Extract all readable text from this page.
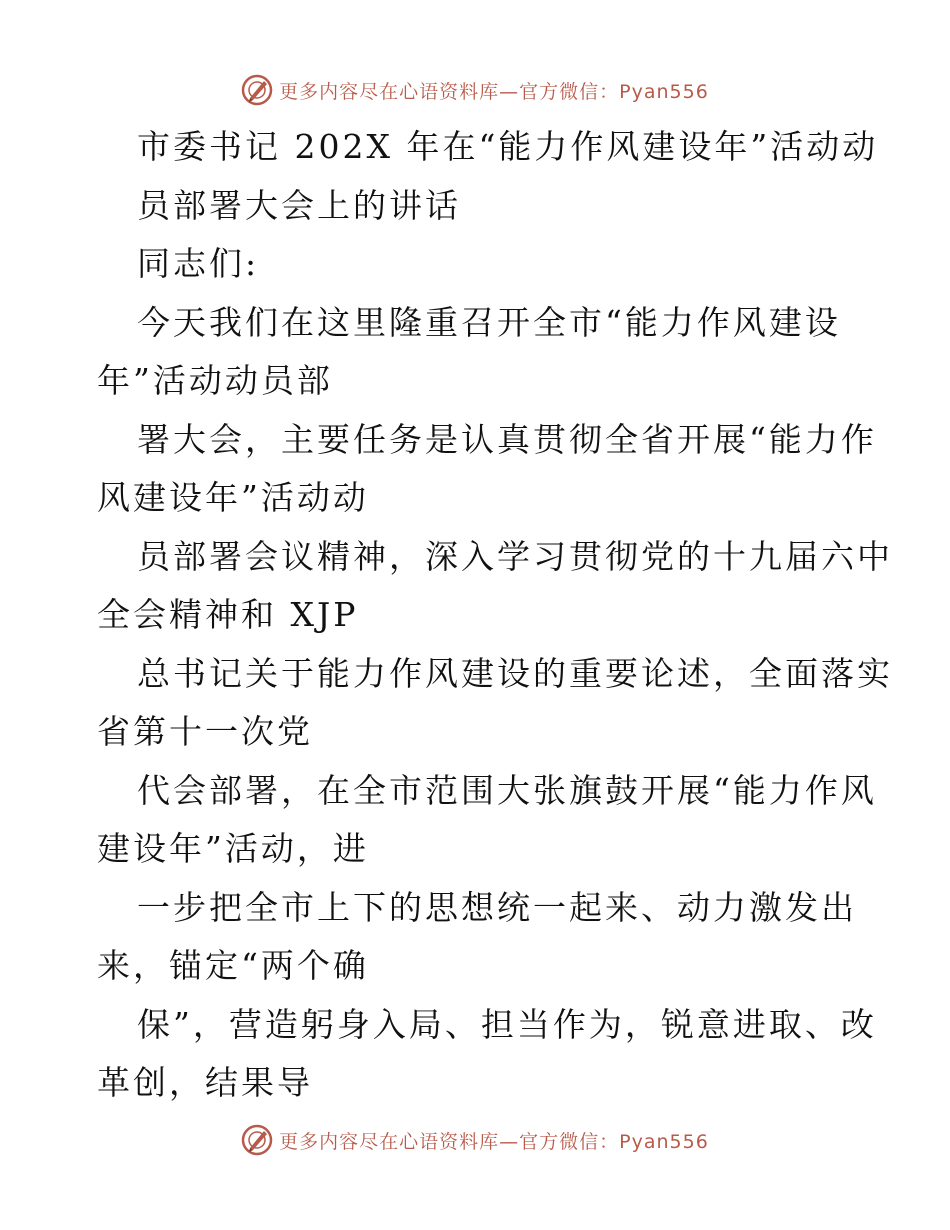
更多内容尽在心语资料库—官方微信：Pyan556
市委书记 202X 年在“能力作风建设年”活动动
员部署大会上的讲话
同志们:
今天我们在这里隆重召开全市“能力作风建设
年”活动动员部
署大会，主要任务是认真贯彻全省开展“能力作
风建设年”活动动
员部署会议精神，深入学习贯彻党的十九届六中
全会精神和 XJP
总书记关于能力作风建设的重要论述，全面落实
省第十一次党
代会部署，在全市范围大张旗鼓开展“能力作风
建设年”活动，进
一步把全市上下的思想统一起来、动力激发出
来，锚定“两个确
保”，营造躬身入局、担当作为，锐意进取、改
革创，结果导
更多内容尽在心语资料库—官方微信：Pyan556
